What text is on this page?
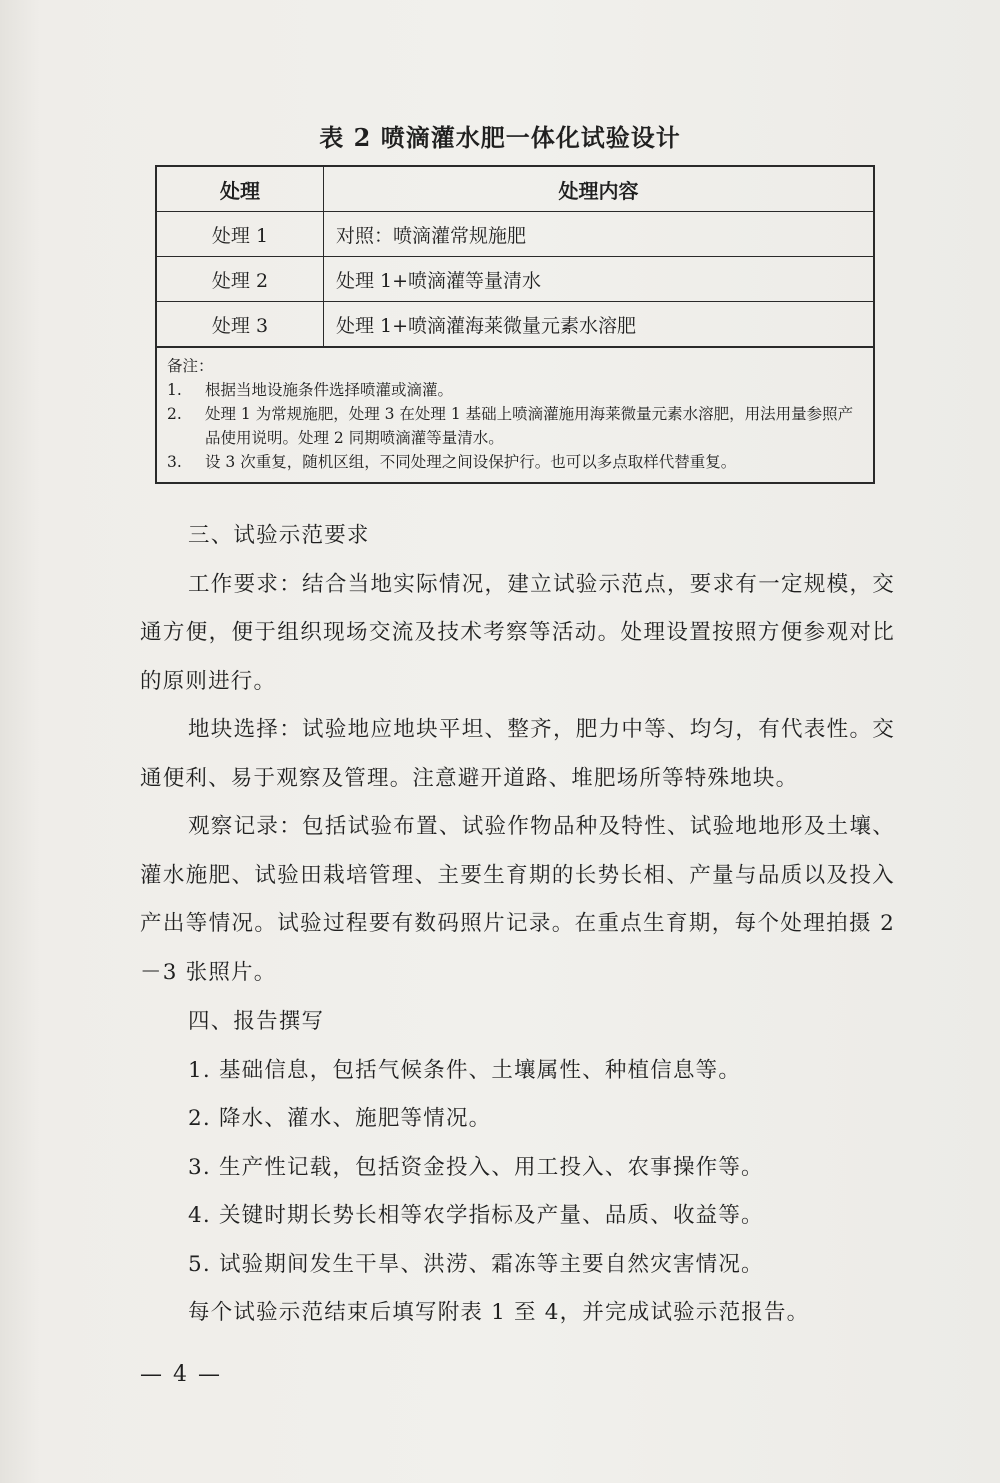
表 2 喷滴灌水肥一体化试验设计
处理	处理内容
处理 1	对照：喷滴灌常规施肥
处理 2	处理 1+喷滴灌等量清水
处理 3	处理 1+喷滴灌海莱微量元素水溶肥
备注：
1.	根据当地设施条件选择喷灌或滴灌。
2.	处理 1 为常规施肥，处理 3 在处理 1 基础上喷滴灌施用海莱微量元素水溶肥，用法用量参照产品使用说明。处理 2 同期喷滴灌等量清水。
3.	设 3 次重复，随机区组，不同处理之间设保护行。也可以多点取样代替重复。
三、试验示范要求
工作要求：结合当地实际情况，建立试验示范点，要求有一定规模，交通方便，便于组织现场交流及技术考察等活动。处理设置按照方便参观对比的原则进行。
地块选择：试验地应地块平坦、整齐，肥力中等、均匀，有代表性。交通便利、易于观察及管理。注意避开道路、堆肥场所等特殊地块。
观察记录：包括试验布置、试验作物品种及特性、试验地地形及土壤、灌水施肥、试验田栽培管理、主要生育期的长势长相、产量与品质以及投入产出等情况。试验过程要有数码照片记录。在重点生育期，每个处理拍摄 2－3 张照片。
四、报告撰写
1. 基础信息，包括气候条件、土壤属性、种植信息等。
2. 降水、灌水、施肥等情况。
3. 生产性记载，包括资金投入、用工投入、农事操作等。
4. 关键时期长势长相等农学指标及产量、品质、收益等。
5. 试验期间发生干旱、洪涝、霜冻等主要自然灾害情况。
每个试验示范结束后填写附表 1 至 4，并完成试验示范报告。
— 4 —
